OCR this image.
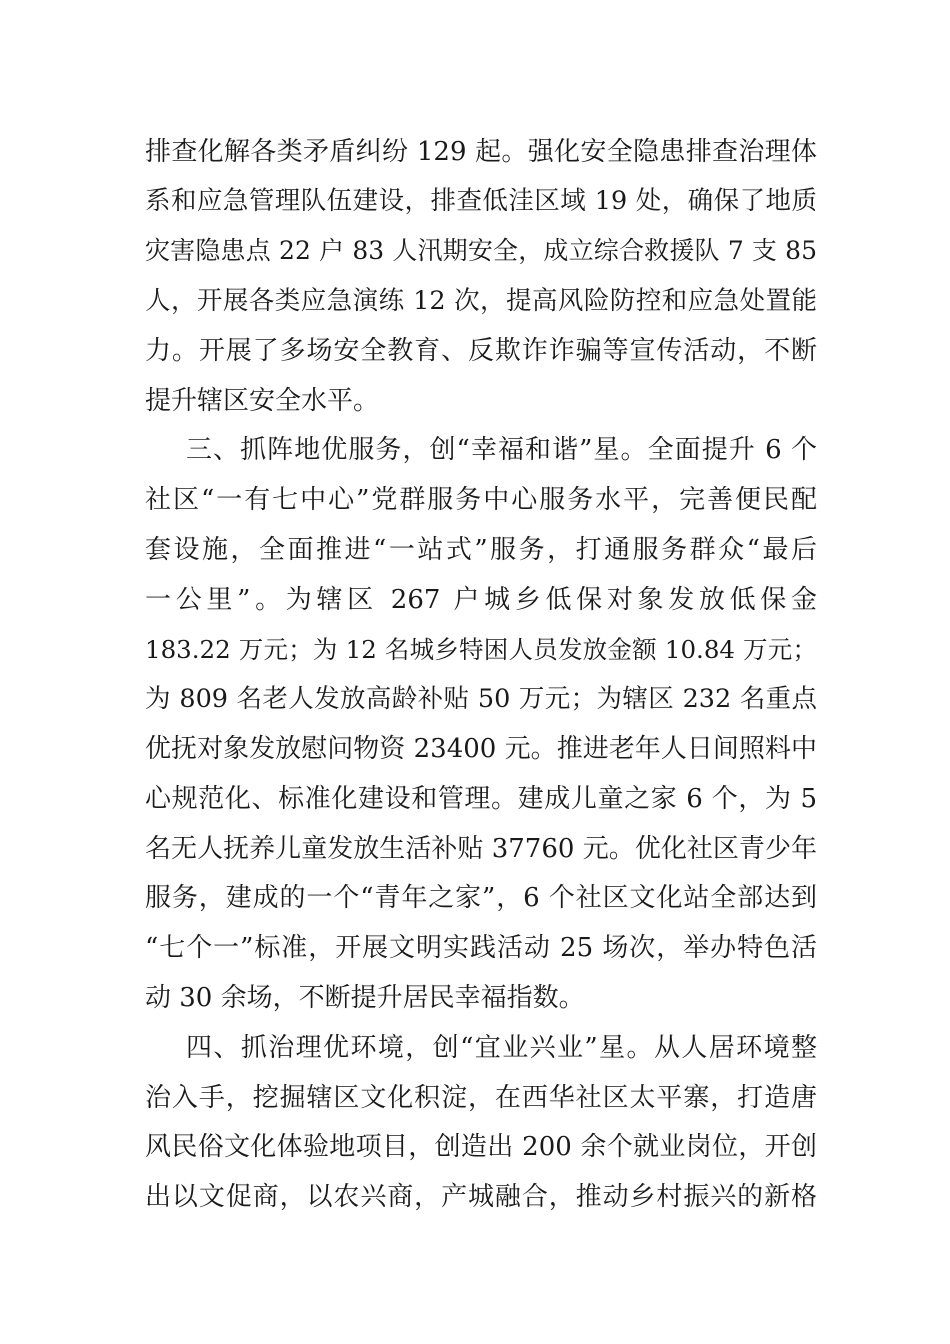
排查化解各类矛盾纠纷 129 起。强化安全隐患排查治理体
系和应急管理队伍建设，排查低洼区域 19 处，确保了地质
灾害隐患点 22 户 83 人汛期安全，成立综合救援队 7 支 85
人，开展各类应急演练 12 次，提高风险防控和应急处置能
力。开展了多场安全教育、反欺诈诈骗等宣传活动，不断
提升辖区安全水平。
三、抓阵地优服务，创“幸福和谐”星。全面提升 6 个
社区“一有七中心”党群服务中心服务水平，完善便民配
套设施，全面推进“一站式”服务，打通服务群众“最后
一公里”。为辖区 267 户城乡低保对象发放低保金
183.22 万元；为 12 名城乡特困人员发放金额 10.84 万元；
为 809 名老人发放高龄补贴 50 万元；为辖区 232 名重点
优抚对象发放慰问物资 23400 元。推进老年人日间照料中
心规范化、标准化建设和管理。建成儿童之家 6 个，为 5
名无人抚养儿童发放生活补贴 37760 元。优化社区青少年
服务，建成的一个“青年之家”，6 个社区文化站全部达到
“七个一”标准，开展文明实践活动 25 场次，举办特色活
动 30 余场，不断提升居民幸福指数。
四、抓治理优环境，创“宜业兴业”星。从人居环境整
治入手，挖掘辖区文化积淀，在西华社区太平寨，打造唐
风民俗文化体验地项目，创造出 200 余个就业岗位，开创
出以文促商，以农兴商，产城融合，推动乡村振兴的新格
